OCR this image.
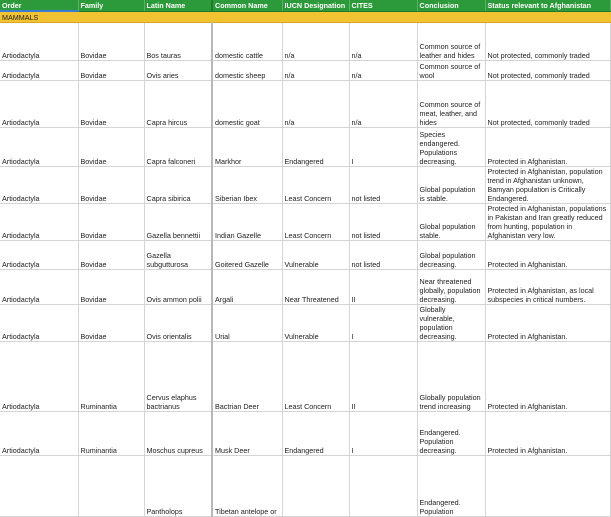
Order	Family	Latin Name	Common Name	IUCN Designation	CITES	Conclusion	Status relevant to Afghanistan
MAMMALS							
Artiodactyla	Bovidae	Bos tauras	domestic cattle	n/a	n/a	Common source of leather and hides	Not protected, commonly traded
Artiodactyla	Bovidae	Ovis aries	domestic sheep	n/a	n/a	Common source of wool	Not protected, commonly traded
Artiodactyla	Bovidae	Capra hircus	domestic goat	n/a	n/a	Common source of meat, leather, and hides	Not protected, commonly traded
Artiodactyla	Bovidae	Capra falconeri	Markhor	Endangered	I	Species endangered. Populations decreasing.	Protected in Afghanistan.
Artiodactyla	Bovidae	Capra sibirica	Siberian Ibex	Least Concern	not listed	Global population is stable.	Protected in Afghanistan, population trend in Afghanistan unknown, Bamyan population is Critically Endangered.
Artiodactyla	Bovidae	Gazella bennettii	Indian Gazelle	Least Concern	not listed	Global population stable.	Protected in Afghanistan, populations in Pakistan and Iran greatly reduced from hunting, population in Afghanistan very low.
Artiodactyla	Bovidae	Gazella subgutturosa	Goitered Gazelle	Vulnerable	not listed	Global population decreasing.	Protected in Afghanistan.
Artiodactyla	Bovidae	Ovis ammon polii	Argali	Near Threatened	II	Near threatened globally, population decreasing.	Protected in Afghanistan, as local subspecies in critical numbers.
Artiodactyla	Bovidae	Ovis orientalis	Urial	Vulnerable	I	Globally vulnerable, population decreasing.	Protected in Afghanistan.
Artiodactyla	Ruminantia	Cervus elaphus bactrianus	Bactrian Deer	Least Concern	II	Globally population trend increasing	Protected in Afghanistan.
Artiodactyla	Ruminantia	Moschus cupreus	Musk Deer	Endangered	I	Endangered. Population decreasing.	Protected in Afghanistan.
		Pantholops	Tibetan antelope or			Endangered. Population	
